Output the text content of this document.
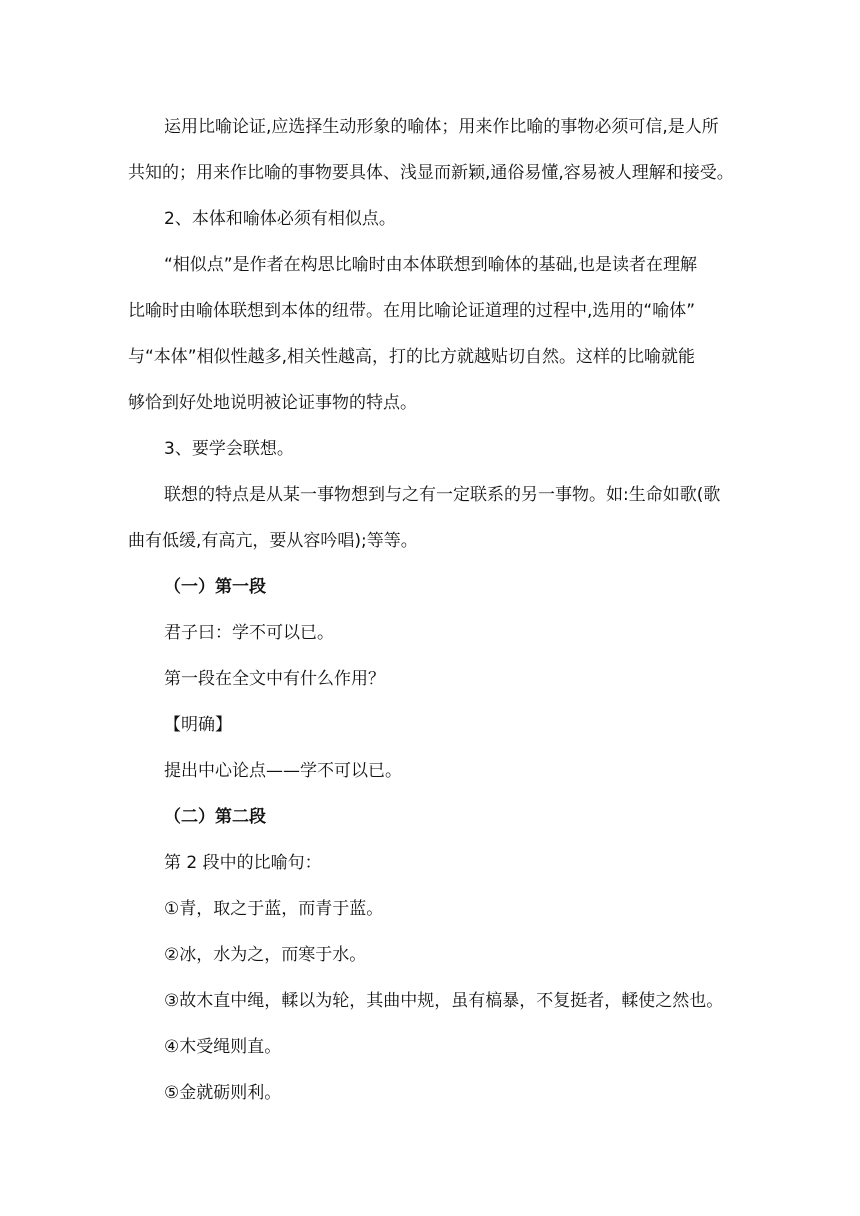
运用比喻论证,应选择生动形象的喻体；用来作比喻的事物必须可信,是人所
共知的；用来作比喻的事物要具体、浅显而新颖,通俗易懂,容易被人理解和接受。
2、本体和喻体必须有相似点。
“相似点”是作者在构思比喻时由本体联想到喻体的基础,也是读者在理解
比喻时由喻体联想到本体的纽带。在用比喻论证道理的过程中,选用的“喻体”
与“本体”相似性越多,相关性越高，打的比方就越贴切自然。这样的比喻就能
够恰到好处地说明被论证事物的特点。
3、要学会联想。
联想的特点是从某一事物想到与之有一定联系的另一事物。如:生命如歌(歌
曲有低缓,有高亢，要从容吟唱);等等。
（一）第一段
君子曰：学不可以已。
第一段在全文中有什么作用？
【明确】
提出中心论点——学不可以已。
（二）第二段
第 2 段中的比喻句：
①青，取之于蓝，而青于蓝。
②冰，水为之，而寒于水。
③故木直中绳，輮以为轮，其曲中规，虽有槁暴，不复挺者，輮使之然也。
④木受绳则直。
⑤金就砺则利。
